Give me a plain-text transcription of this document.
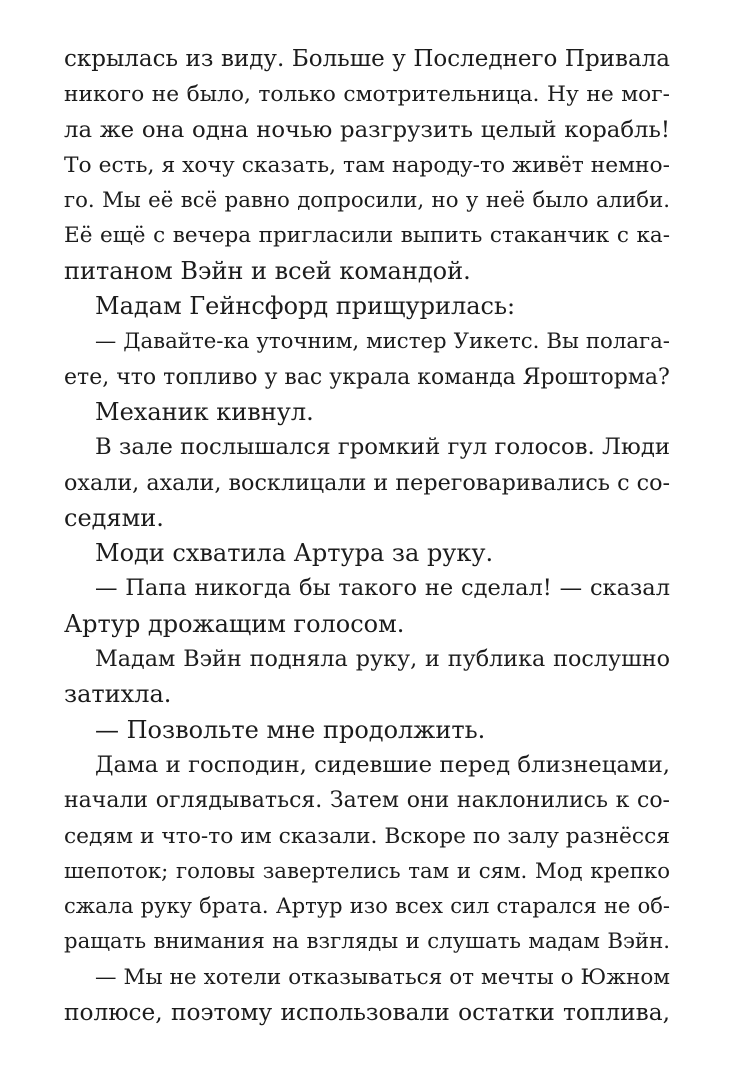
скрылась из виду. Больше у Последнего Привала
никого не было, только смотрительница. Ну не мог-
ла же она одна ночью разгрузить целый корабль!
То есть, я хочу сказать, там народу-то живёт немно-
го. Мы её всё равно допросили, но у неё было алиби.
Её ещё с вечера пригласили выпить стаканчик с ка-
питаном Вэйн и всей командой.
Мадам Гейнсфорд прищурилась:
— Давайте-ка уточним, мистер Уикетс. Вы полага-
ете, что топливо у вас украла команда Ярошторма?
Механик кивнул.
В зале послышался громкий гул голосов. Люди
охали, ахали, восклицали и переговаривались с со-
седями.
Моди схватила Артура за руку.
— Папа никогда бы такого не сделал! — сказал
Артур дрожащим голосом.
Мадам Вэйн подняла руку, и публика послушно
затихла.
— Позвольте мне продолжить.
Дама и господин, сидевшие перед близнецами,
начали оглядываться. Затем они наклонились к со-
седям и что-то им сказали. Вскоре по залу разнёсся
шепоток; головы завертелись там и сям. Мод крепко
сжала руку брата. Артур изо всех сил старался не об-
ращать внимания на взгляды и слушать мадам Вэйн.
— Мы не хотели отказываться от мечты о Южном
полюсе, поэтому использовали остатки топлива,
